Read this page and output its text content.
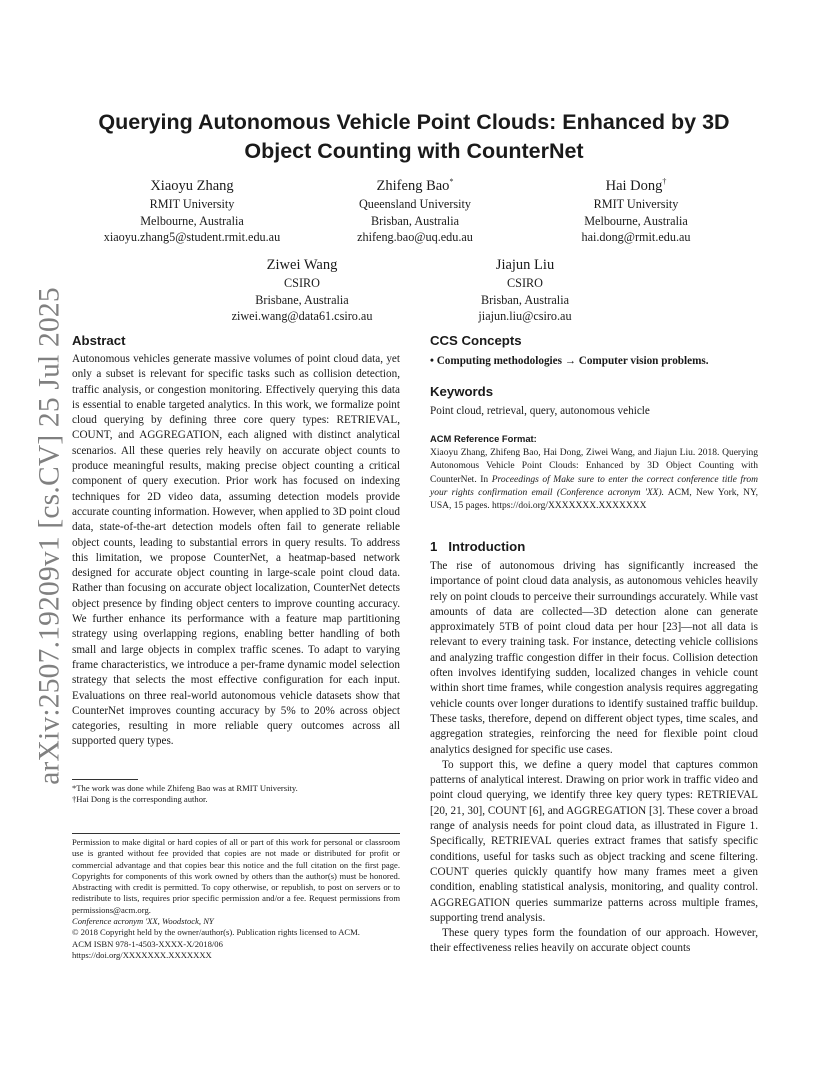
arXiv:2507.19209v1 [cs.CV] 25 Jul 2025
Querying Autonomous Vehicle Point Clouds: Enhanced by 3D
Object Counting with CounterNet
Xiaoyu Zhang
RMIT University
Melbourne, Australia
xiaoyu.zhang5@student.rmit.edu.au
Zhifeng Bao*
Queensland University
Brisban, Australia
zhifeng.bao@uq.edu.au
Hai Dong†
RMIT University
Melbourne, Australia
hai.dong@rmit.edu.au
Ziwei Wang
CSIRO
Brisbane, Australia
ziwei.wang@data61.csiro.au
Jiajun Liu
CSIRO
Brisban, Australia
jiajun.liu@csiro.au
Abstract

Autonomous vehicles generate massive volumes of point cloud data, yet only a subset is relevant for specific tasks such as collision detection, traffic analysis, or congestion monitoring. Effectively querying this data is essential to enable targeted analytics. In this work, we formalize point cloud querying by defining three core query types: RETRIEVAL, COUNT, and AGGREGATION, each aligned with distinct analytical scenarios. All these queries rely heavily on accurate object counts to produce meaningful results, making precise object counting a critical component of query execution. Prior work has focused on indexing techniques for 2D video data, assuming detection models provide accurate counting information. However, when applied to 3D point cloud data, state-of-the-art detection models often fail to generate reliable object counts, leading to substantial errors in query results. To address this limitation, we propose CounterNet, a heatmap-based network designed for accurate object counting in large-scale point cloud data. Rather than focusing on accurate object localization, CounterNet detects object presence by finding object centers to improve counting accuracy. We further enhance its performance with a feature map partitioning strategy using overlapping regions, enabling better handling of both small and large objects in complex traffic scenes. To adapt to varying frame characteristics, we introduce a per-frame dynamic model selection strategy that selects the most effective configuration for each input. Evaluations on three real-world autonomous vehicle datasets show that CounterNet improves counting accuracy by 5% to 20% across object categories, resulting in more reliable query outcomes across all supported query types.

*The work was done while Zhifeng Bao was at RMIT University.

†Hai Dong is the corresponding author.

Permission to make digital or hard copies of all or part of this work for personal or classroom use is granted without fee provided that copies are not made or distributed for profit or commercial advantage and that copies bear this notice and the full citation on the first page. Copyrights for components of this work owned by others than the author(s) must be honored. Abstracting with credit is permitted. To copy otherwise, or republish, to post on servers or to redistribute to lists, requires prior specific permission and/or a fee. Request permissions from permissions@acm.org.

Conference acronym 'XX, Woodstock, NY

© 2018 Copyright held by the owner/author(s). Publication rights licensed to ACM.

ACM ISBN 978-1-4503-XXXX-X/2018/06

https://doi.org/XXXXXXX.XXXXXXX

CCS Concepts

• Computing methodologies → Computer vision problems.

Keywords

Point cloud, retrieval, query, autonomous vehicle

ACM Reference Format:

Xiaoyu Zhang, Zhifeng Bao, Hai Dong, Ziwei Wang, and Jiajun Liu. 2018. Querying Autonomous Vehicle Point Clouds: Enhanced by 3D Object Counting with CounterNet. In Proceedings of Make sure to enter the correct conference title from your rights confirmation email (Conference acronym 'XX). ACM, New York, NY, USA, 15 pages. https://doi.org/XXXXXXX.XXXXXXX

1 Introduction

The rise of autonomous driving has significantly increased the importance of point cloud data analysis, as autonomous vehicles heavily rely on point clouds to perceive their surroundings accurately. While vast amounts of data are collected—3D detection alone can generate approximately 5TB of point cloud data per hour [23]—not all data is relevant to every training task. For instance, detecting vehicle collisions and analyzing traffic congestion differ in their focus. Collision detection often involves identifying sudden, localized changes in vehicle count within short time frames, while congestion analysis requires aggregating vehicle counts over longer durations to identify sustained traffic buildup. These tasks, therefore, depend on different object types, time scales, and aggregation strategies, reinforcing the need for flexible point cloud analytics designed for specific use cases.

To support this, we define a query model that captures common patterns of analytical interest. Drawing on prior work in traffic video and point cloud querying, we identify three key query types: RETRIEVAL [20, 21, 30], COUNT [6], and AGGREGATION [3]. These cover a broad range of analysis needs for point cloud data, as illustrated in Figure 1. Specifically, RETRIEVAL queries extract frames that satisfy specific conditions, useful for tasks such as object tracking and scene filtering. COUNT queries quickly quantify how many frames meet a given condition, enabling statistical analysis, monitoring, and quality control. AGGREGATION queries summarize patterns across multiple frames, supporting trend analysis.

These query types form the foundation of our approach. However, their effectiveness relies heavily on accurate object counts
